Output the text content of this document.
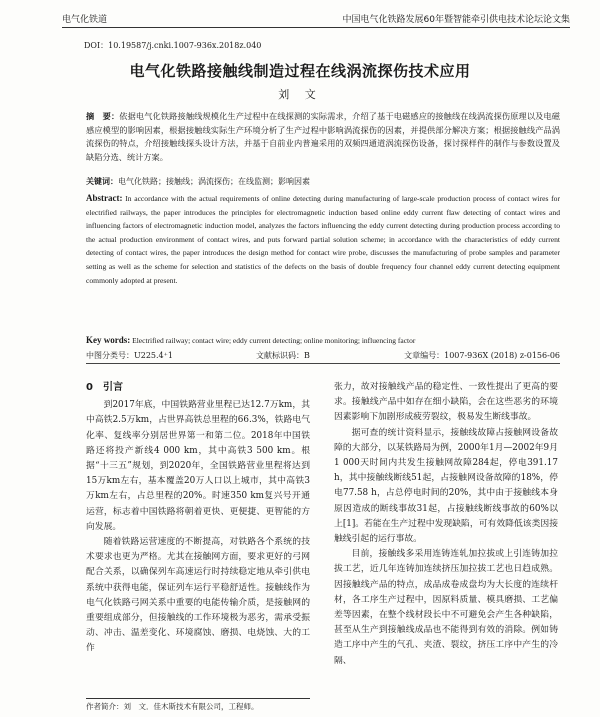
电气化铁道	中国电气化铁路发展60年暨智能牵引供电技术论坛论文集
DOI：10.19587/j.cnki.1007-936x.2018z.040
电气化铁路接触线制造过程在线涡流探伤技术应用
刘 文
摘　要：依据电气化铁路接触线规模化生产过程中在线探测的实际需求，介绍了基于电磁感应的接触线在线涡流探伤原理以及电磁感应模型的影响因素，根据接触线实际生产环境分析了生产过程中影响涡流探伤的因素，并提供部分解决方案；根据接触线产品涡流探伤的特点，介绍接触线探头设计方法，并基于自前业内普遍采用的双频四通道涡流探伤设备，探讨探样件的制作与参数设置及缺陷分选、统计方案。
关键词：电气化铁路；接触线；涡流探伤；在线监测；影响因素
Abstract: In accordance with the actual requirements of online detecting during manufacturing of large-scale production process of contact wires for electrified railways, the paper introduces the principles for electromagnetic induction based online eddy current flaw detecting of contact wires and influencing factors of electromagnetic induction model, analyzes the factors influencing the eddy current detecting during production process according to the actual production environment of contact wires, and puts forward partial solution scheme; in accordance with the characteristics of eddy current detecting of contact wires, the paper introduces the design method for contact wire probe, discusses the manufacturing of probe samples and parameter setting as well as the scheme for selection and statistics of the defects on the basis of double frequency four channel eddy current detecting equipment commonly adopted at present.
Key words: Electrified railway; contact wire; eddy current detecting; online monitoring; influencing factor
中图分类号：U225.4⁺1	文献标识码：B	文章编号：1007-936X (2018) z-0156-06
0　引言

到2017年底，中国铁路营业里程已达12.7万km，其中高铁2.5万km，占世界高铁总里程的66.3%，铁路电气化率、复线率分别居世界第一和第二位。2018年中国铁路还将投产新线4 000 km，其中高铁3 500 km。根据“十三五”规划，到2020年，全国铁路营业里程将达到15万km左右，基本覆盖20万人口以上城市，其中高铁3万km左右，占总里程的20%。时速350 km复兴号开通运营，标志着中国铁路将朝着更快、更便捷、更智能的方向发展。

随着铁路运营速度的不断提高，对铁路各个系统的技术要求也更为严格。尤其在接触网方面，要求更好的弓网配合关系，以确保列车高速运行时持续稳定地从牵引供电系统中获得电能，保证列车运行平稳舒适性。接触线作为电气化铁路弓网关系中重要的电能传输介质，是接触网的重要组成部分，但接触线的工作环境极为恶劣，需承受振动、冲击、温差变化、环境腐蚀、磨损、电烧蚀、大的工作

张力，故对接触线产品的稳定性、一致性提出了更高的要求。接触线产品中如存在细小缺陷，会在这些恶劣的环境因素影响下加剧形成疲劳裂纹，极易发生断线事故。

据可查的统计资料显示，接触线故障占接触网设备故障的大部分，以某铁路局为例，2000年1月—2002年9月1 000天时间内共发生接触网故障284起，停电391.17 h，其中接触线断线51起，占接触网设备故障的18%，停电77.58 h，占总停电时间的20%，其中由于接触线本身原因造成的断线事故31起，占接触线断线事故的60%以上[1]。若能在生产过程中发现缺陷，可有效降低该类因接触线引起的运行事故。

目前，接触线多采用连铸连轧加拉拔或上引连铸加拉拔工艺，近几年连铸加连续挤压加拉拔工艺也日趋成熟。因接触线产品的特点，成品成卷成盘均为大长度的连续杆材，各工序生产过程中，因原料质量、模具磨损、工艺偏差等因素，在整个线材段长中不可避免会产生各种缺陷，甚至从生产到接触线成品也不能得到有效的消除。例如铸造工序中产生的气孔、夹渣、裂纹，挤压工序中产生的冷隔、

作者简介：刘　文．佳木斯技术有限公司，工程师。
